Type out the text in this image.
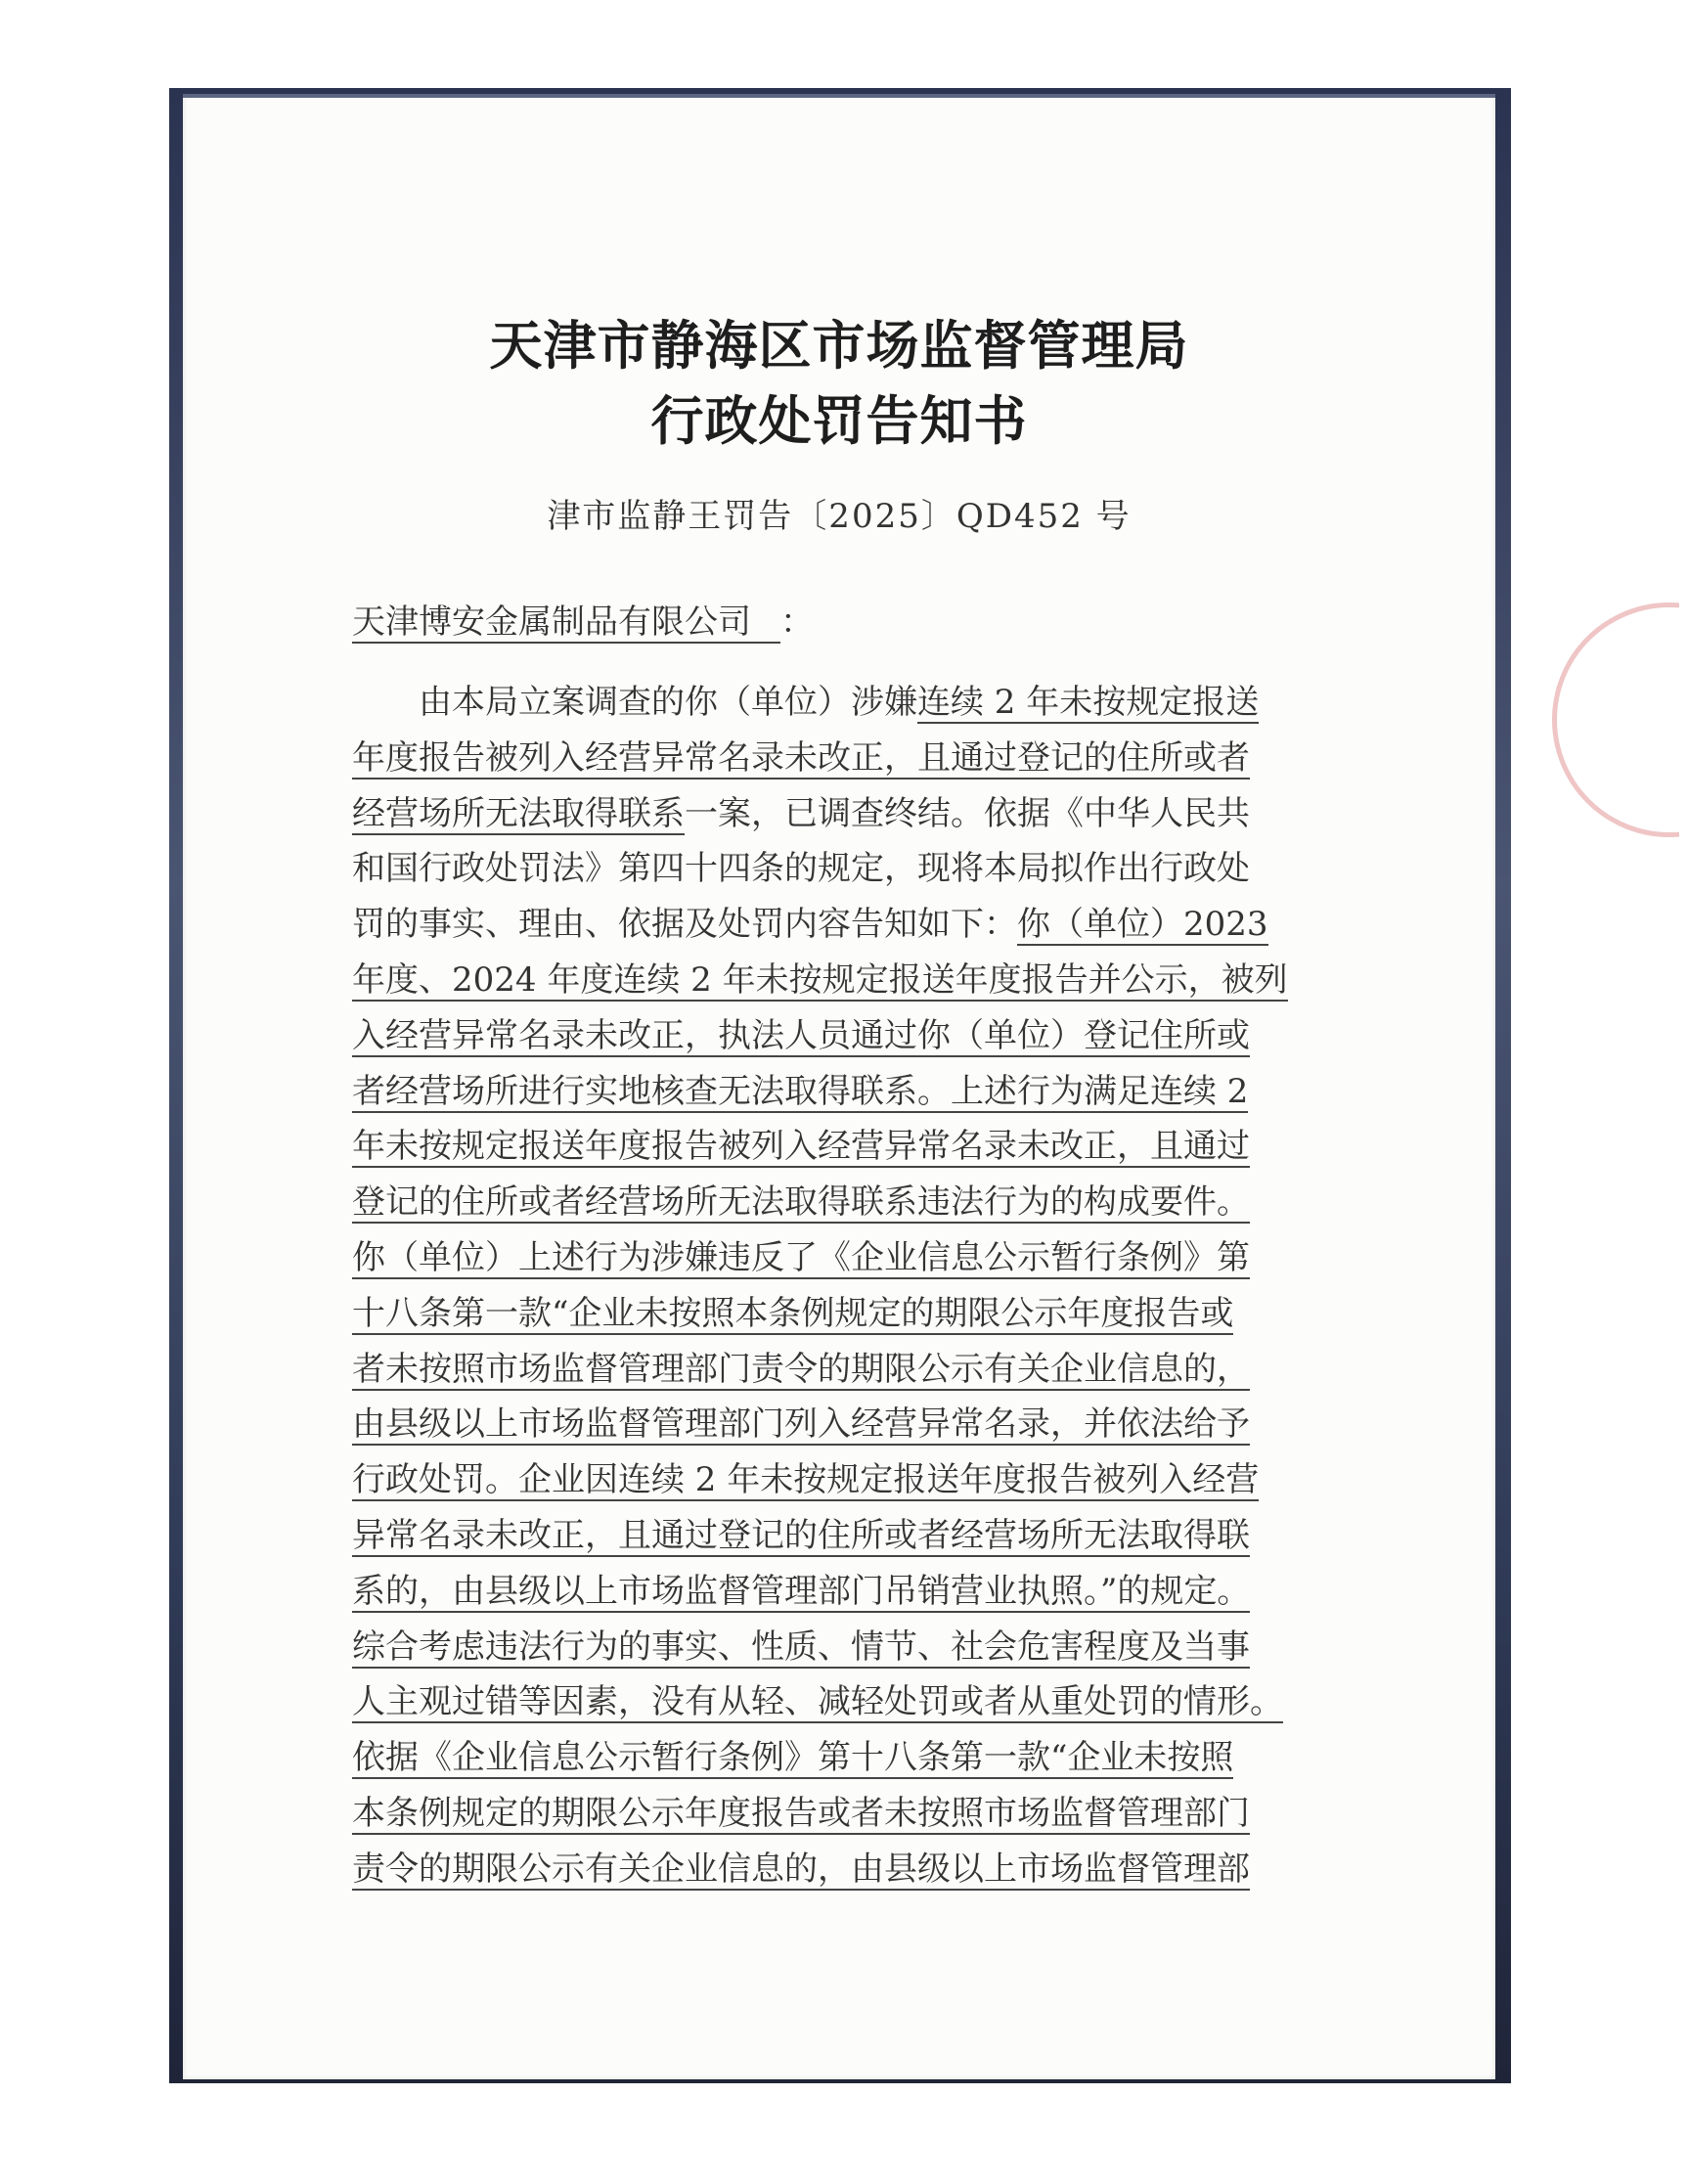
天津市静海区市场监督管理局
行政处罚告知书
津市监静王罚告〔2025〕QD452 号
天津博安金属制品有限公司 ：
　　由本局立案调查的你（单位）涉嫌连续 2 年未按规定报送
年度报告被列入经营异常名录未改正，且通过登记的住所或者
经营场所无法取得联系一案，已调查终结。依据《中华人民共
和国行政处罚法》第四十四条的规定，现将本局拟作出行政处
罚的事实、理由、依据及处罚内容告知如下：你（单位）2023
年度、2024 年度连续 2 年未按规定报送年度报告并公示，被列
入经营异常名录未改正，执法人员通过你（单位）登记住所或
者经营场所进行实地核查无法取得联系。上述行为满足连续 2
年未按规定报送年度报告被列入经营异常名录未改正，且通过
登记的住所或者经营场所无法取得联系违法行为的构成要件。
你（单位）上述行为涉嫌违反了《企业信息公示暂行条例》第
十八条第一款“企业未按照本条例规定的期限公示年度报告或
者未按照市场监督管理部门责令的期限公示有关企业信息的，
由县级以上市场监督管理部门列入经营异常名录，并依法给予
行政处罚。企业因连续 2 年未按规定报送年度报告被列入经营
异常名录未改正，且通过登记的住所或者经营场所无法取得联
系的，由县级以上市场监督管理部门吊销营业执照。”的规定。
综合考虑违法行为的事实、性质、情节、社会危害程度及当事
人主观过错等因素，没有从轻、减轻处罚或者从重处罚的情形。
依据《企业信息公示暂行条例》第十八条第一款“企业未按照
本条例规定的期限公示年度报告或者未按照市场监督管理部门
责令的期限公示有关企业信息的，由县级以上市场监督管理部
